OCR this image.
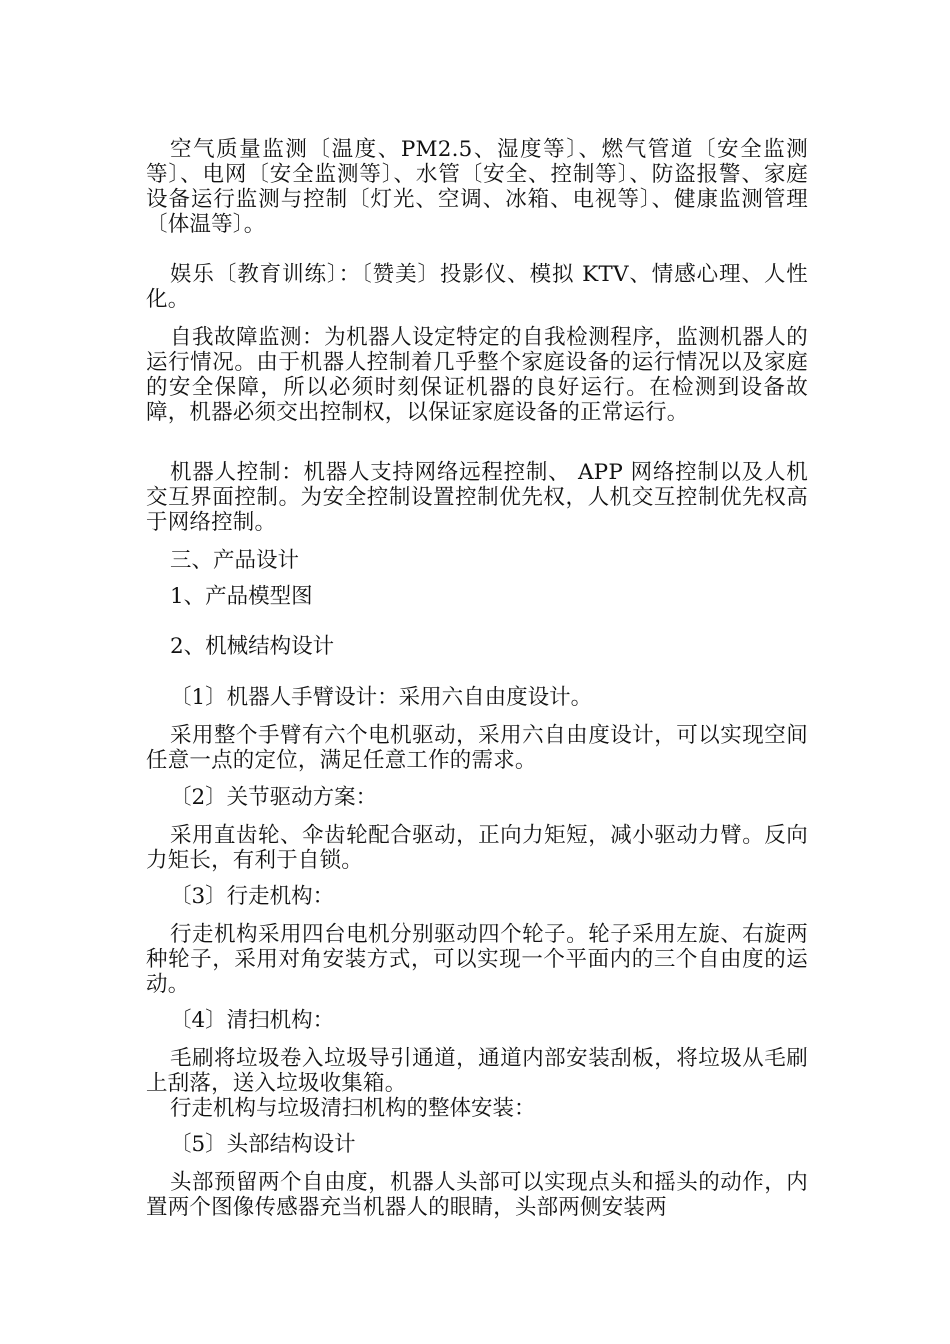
空气质量监测〔温度、PM2.5、湿度等〕、燃气管道〔安全监测等〕、电网〔安全监测等〕、水管〔安全、控制等〕、防盗报警、家庭设备运行监测与控制〔灯光、空调、冰箱、电视等〕、健康监测管理〔体温等〕。
娱乐〔教育训练〕：〔赞美〕投影仪、模拟 KTV、情感心理、人性化。
自我故障监测：为机器人设定特定的自我检测程序，监测机器人的运行情况。由于机器人控制着几乎整个家庭设备的运行情况以及家庭的安全保障，所以必须时刻保证机器的良好运行。在检测到设备故障，机器必须交出控制权，以保证家庭设备的正常运行。
机器人控制：机器人支持网络远程控制、 APP 网络控制以及人机交互界面控制。为安全控制设置控制优先权，人机交互控制优先权高于网络控制。
三、产品设计
1、产品模型图
2、机械结构设计
〔1〕机器人手臂设计：采用六自由度设计。
采用整个手臂有六个电机驱动，采用六自由度设计，可以实现空间任意一点的定位，满足任意工作的需求。
〔2〕关节驱动方案：
采用直齿轮、伞齿轮配合驱动，正向力矩短，减小驱动力臂。反向力矩长，有利于自锁。
〔3〕行走机构：
行走机构采用四台电机分别驱动四个轮子。轮子采用左旋、右旋两种轮子，采用对角安装方式，可以实现一个平面内的三个自由度的运动。
〔4〕清扫机构：
毛刷将垃圾卷入垃圾导引通道，通道内部安装刮板，将垃圾从毛刷上刮落，送入垃圾收集箱。
行走机构与垃圾清扫机构的整体安装：
〔5〕头部结构设计
头部预留两个自由度，机器人头部可以实现点头和摇头的动作，内置两个图像传感器充当机器人的眼睛，头部两侧安装两
